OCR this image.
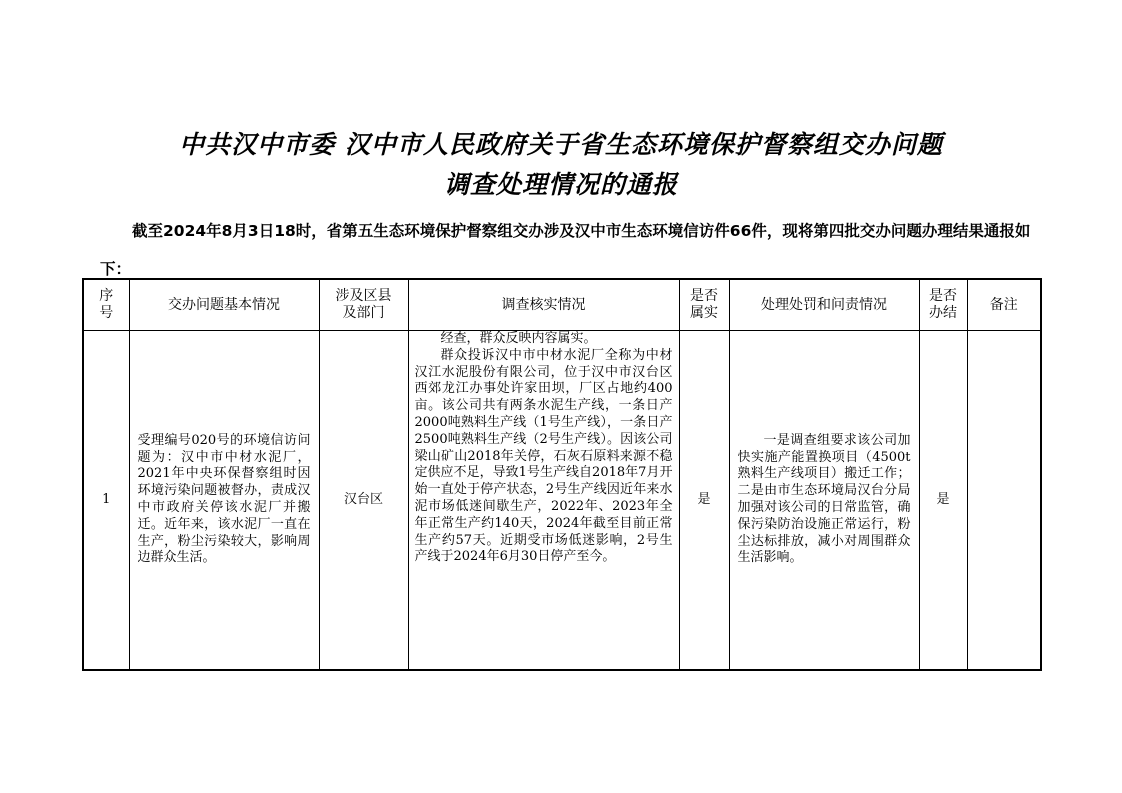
中共汉中市委 汉中市人民政府关于省生态环境保护督察组交办问题
调查处理情况的通报
截至2024年8月3日18时，省第五生态环境保护督察组交办涉及汉中市生态环境信访件66件，现将第四批交办问题办理结果通报如下：
序号	交办问题基本情况	涉及区县及部门	调查核实情况	是否属实	处理处罚和问责情况	是否办结	备注
1	受理编号020号的环境信访问题为：汉中市中材水泥厂，2021年中央环保督察组时因环境污染问题被督办，责成汉中市政府关停该水泥厂并搬迁。近年来，该水泥厂一直在生产，粉尘污染较大，影响周边群众生活。	汉台区	经查，群众反映内容属实。

群众投诉汉中市中材水泥厂全称为中材汉江水泥股份有限公司，位于汉中市汉台区西郊龙江办事处许家田坝，厂区占地约400亩。该公司共有两条水泥生产线，一条日产2000吨熟料生产线（1号生产线），一条日产2500吨熟料生产线（2号生产线）。因该公司梁山矿山2018年关停，石灰石原料来源不稳定供应不足，导致1号生产线自2018年7月开始一直处于停产状态，2号生产线因近年来水泥市场低迷间歇生产，2022年、2023年全年正常生产约140天，2024年截至目前正常生产约57天。近期受市场低迷影响，2号生产线于2024年6月30日停产至今。	是	一是调查组要求该公司加快实施产能置换项目（4500t熟料生产线项目）搬迁工作；二是由市生态环境局汉台分局加强对该公司的日常监管，确保污染防治设施正常运行，粉尘达标排放，减小对周围群众生活影响。	是	
